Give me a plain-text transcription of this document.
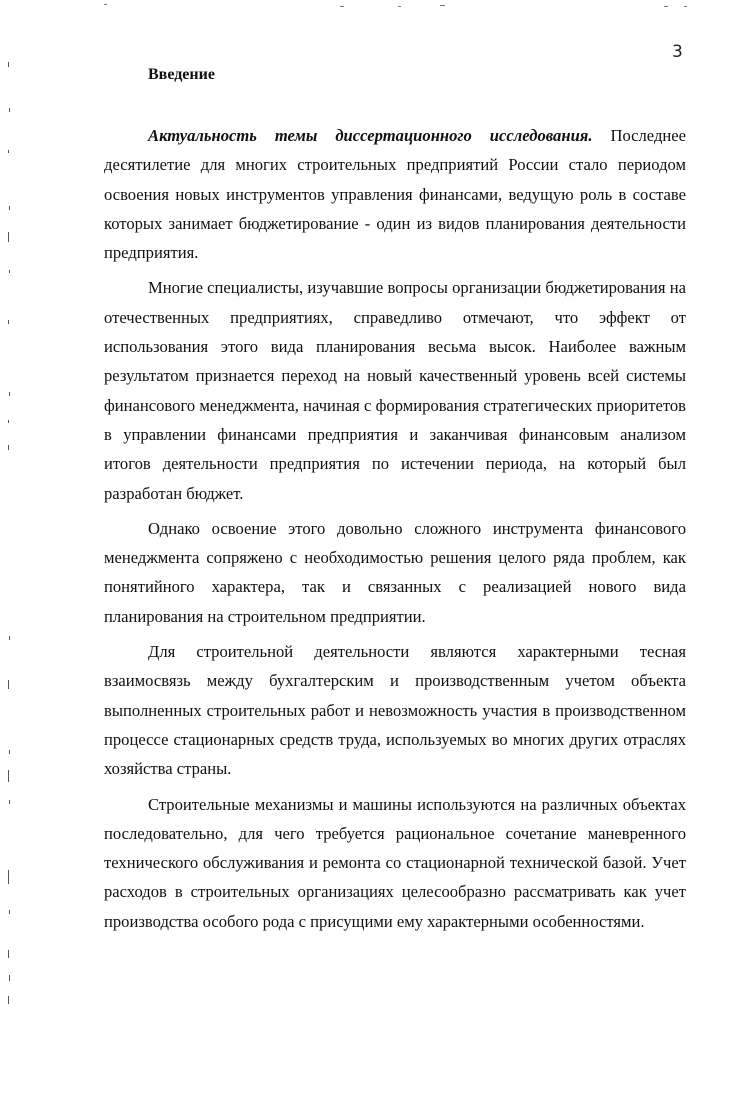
3
Введение

Актуальность темы диссертационного исследования. Последнее десятилетие для многих строительных предприятий России стало периодом освоения новых инструментов управления финансами, ведущую роль в составе которых занимает бюджетирование - один из видов планирования деятельности предприятия.

Многие специалисты, изучавшие вопросы организации бюджетирования на отечественных предприятиях, справедливо отмечают, что эффект от использования этого вида планирования весьма высок. Наиболее важным результатом признается переход на новый качественный уровень всей системы финансового менеджмента, начиная с формирования стратегических приоритетов в управлении финансами предприятия и заканчивая финансовым анализом итогов деятельности предприятия по истечении периода, на который был разработан бюджет.

Однако освоение этого довольно сложного инструмента финансового менеджмента сопряжено с необходимостью решения целого ряда проблем, как понятийного характера, так и связанных с реализацией нового вида планирования на строительном предприятии.

Для строительной деятельности являются характерными тесная взаимосвязь между бухгалтерским и производственным учетом объекта выполненных строительных работ и невозможность участия в производственном процессе стационарных средств труда, используемых во многих других отраслях хозяйства страны.

Строительные механизмы и машины используются на различных объектах последовательно, для чего требуется рациональное сочетание маневренного технического обслуживания и ремонта со стационарной технической базой. Учет расходов в строительных организациях целесообразно рассматривать как учет производства особого рода с присущими ему характерными особенностями.
